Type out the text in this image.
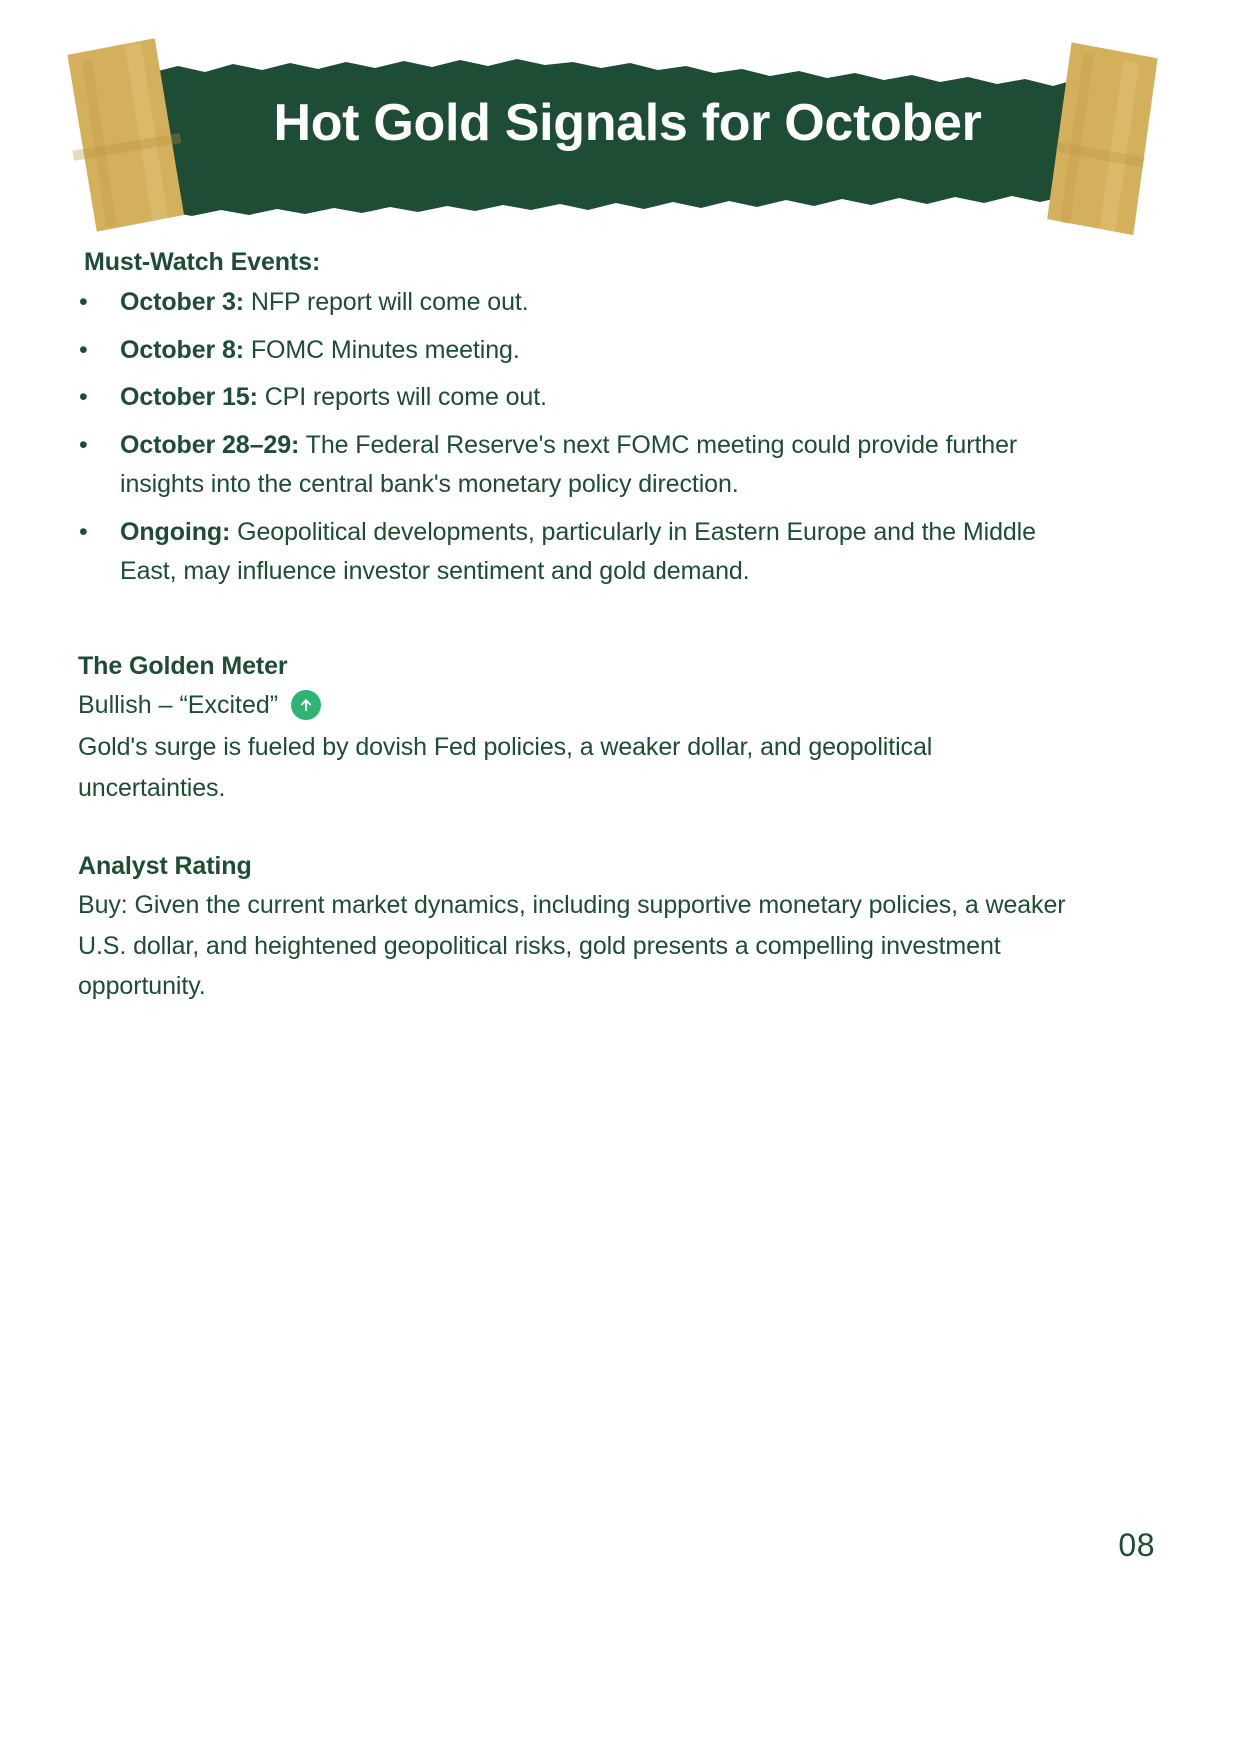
Hot Gold Signals for October
Must-Watch Events:
• October 3: NFP report will come out.
• October 8: FOMC Minutes meeting.
• October 15: CPI reports will come out.
• October 28–29: The Federal Reserve's next FOMC meeting could provide further insights into the central bank's monetary policy direction.
• Ongoing: Geopolitical developments, particularly in Eastern Europe and the Middle East, may influence investor sentiment and gold demand.
The Golden Meter
Bullish – “Excited”
Gold's surge is fueled by dovish Fed policies, a weaker dollar, and geopolitical uncertainties.
Analyst Rating
Buy: Given the current market dynamics, including supportive monetary policies, a weaker U.S. dollar, and heightened geopolitical risks, gold presents a compelling investment opportunity.
08
